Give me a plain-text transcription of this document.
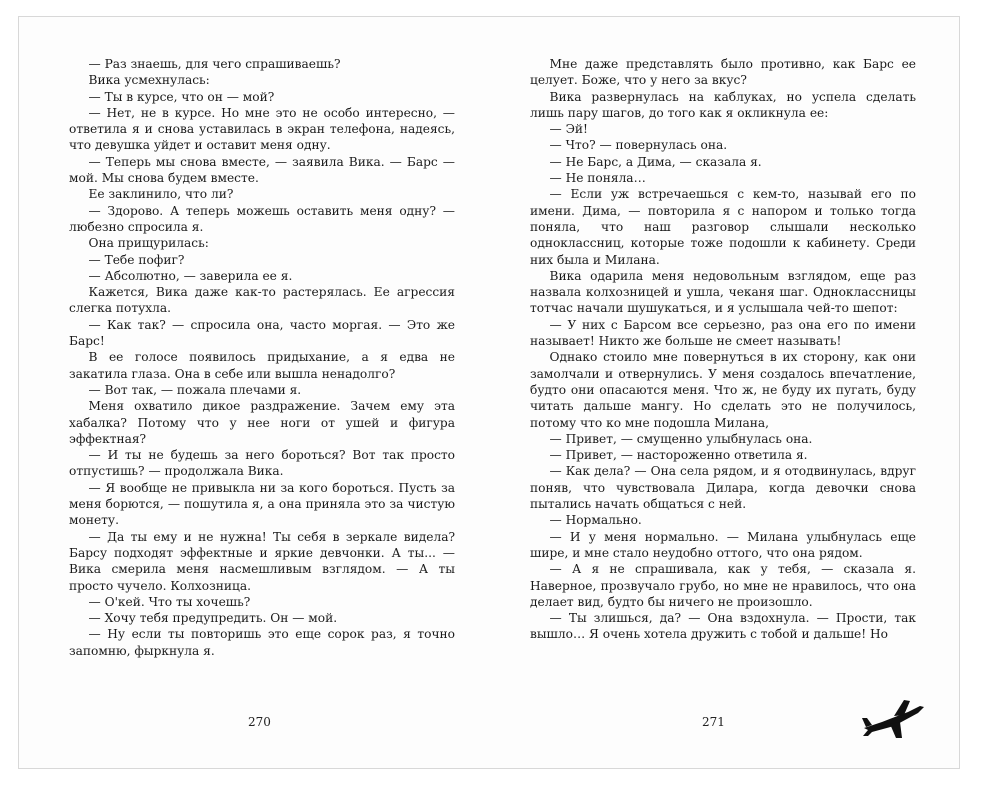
— Раз знаешь, для чего спрашиваешь?

Вика усмехнулась:

— Ты в курсе, что он — мой?

— Нет, не в курсе. Но мне это не особо интересно, — ответила я и снова уставилась в экран телефона, надеясь, что девушка уйдет и оставит меня одну.

— Теперь мы снова вместе, — заявила Вика. — Барс — мой. Мы снова будем вместе.

Ее заклинило, что ли?

— Здорово. А теперь можешь оставить меня одну? — любезно спросила я.

Она прищурилась:

— Тебе пофиг?

— Абсолютно, — заверила ее я.

Кажется, Вика даже как-то растерялась. Ее агрессия слегка потухла.

— Как так? — спросила она, часто моргая. — Это же Барс!

В ее голосе появилось придыхание, а я едва не закатила глаза. Она в себе или вышла ненадолго?

— Вот так, — пожала плечами я.

Меня охватило дикое раздражение. Зачем ему эта хабалка? Потому что у нее ноги от ушей и фигура эффектная?

— И ты не будешь за него бороться? Вот так просто отпустишь? — продолжала Вика.

— Я вообще не привыкла ни за кого бороться. Пусть за меня борются, — пошутила я, а она приняла это за чистую монету.

— Да ты ему и не нужна! Ты себя в зеркале видела? Барсу подходят эффектные и яркие девчонки. А ты... — Вика смерила меня насмешливым взглядом. — А ты просто чучело. Колхозница.

— О'кей. Что ты хочешь?

— Хочу тебя предупредить. Он — мой.

— Ну если ты повторишь это еще сорок раз, я точно запомню, фыркнула я.

Мне даже представлять было противно, как Барс ее целует. Боже, что у него за вкус?

Вика развернулась на каблуках, но успела сделать лишь пару шагов, до того как я окликнула ее:

— Эй!

— Что? — повернулась она.

— Не Барс, а Дима, — сказала я.

— Не поняла…

— Если уж встречаешься с кем-то, называй его по имени. Дима, — повторила я с напором и только тогда поняла, что наш разговор слышали несколько одноклассниц, которые тоже подошли к кабинету. Среди них была и Милана.

Вика одарила меня недовольным взглядом, еще раз назвала колхозницей и ушла, чеканя шаг. Одноклассницы тотчас начали шушукаться, и я услышала чей-то шепот:

— У них с Барсом все серьезно, раз она его по имени называет! Никто же больше не смеет называть!

Однако стоило мне повернуться в их сторону, как они замолчали и отвернулись. У меня создалось впечатление, будто они опасаются меня. Что ж, не буду их пугать, буду читать дальше мангу. Но сделать это не получилось, потому что ко мне подошла Милана,

— Привет, — смущенно улыбнулась она.

— Привет, — настороженно ответила я.

— Как дела? — Она села рядом, и я отодвинулась, вдруг поняв, что чувствовала Дилара, когда девочки снова пытались начать общаться с ней.

— Нормально.

— И у меня нормально. — Милана улыбнулась еще шире, и мне стало неудобно оттого, что она рядом.

— А я не спрашивала, как у тебя, — сказала я. Наверное, прозвучало грубо, но мне не нравилось, что она делает вид, будто бы ничего не произошло.

— Ты злишься, да? — Она вздохнула. — Прости, так вышло… Я очень хотела дружить с тобой и дальше! Но

270	271
